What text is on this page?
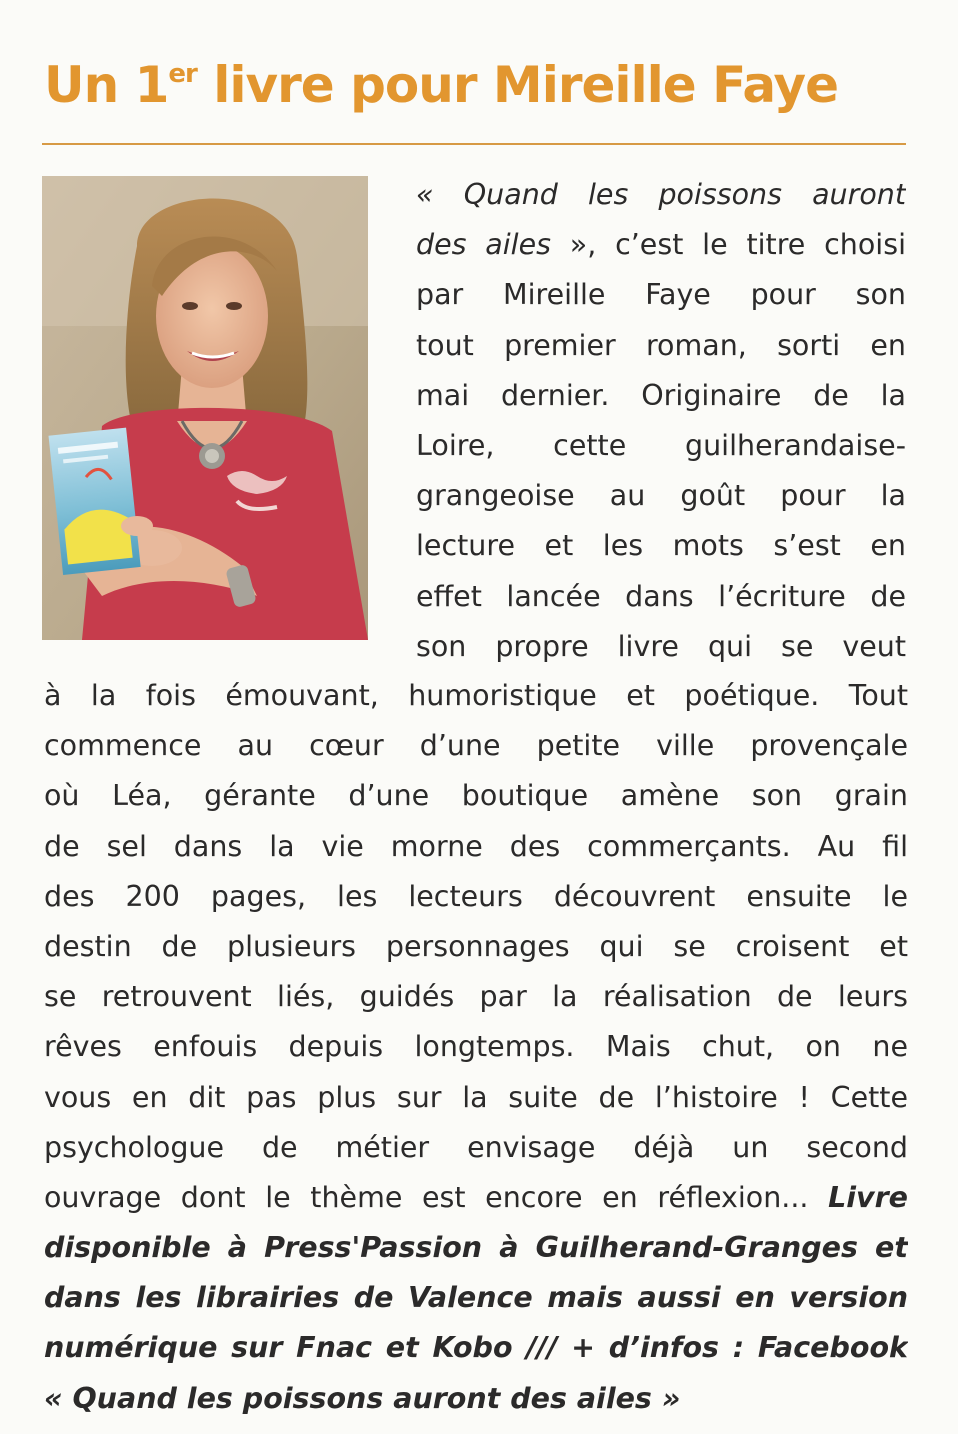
Un 1er livre pour Mireille Faye
« Quand les poissons auront
des ailes », c’est le titre choisi
par Mireille Faye pour son
tout premier roman, sorti en
mai dernier. Originaire de la
Loire, cette guilherandaise-
grangeoise au goût pour la
lecture et les mots s’est en
effet lancée dans l’écriture de
son propre livre qui se veut
à la fois émouvant, humoristique et poétique. Tout
commence au cœur d’une petite ville provençale
où Léa, gérante d’une boutique amène son grain
de sel dans la vie morne des commerçants. Au fil
des 200 pages, les lecteurs découvrent ensuite le
destin de plusieurs personnages qui se croisent et
se retrouvent liés, guidés par la réalisation de leurs
rêves enfouis depuis longtemps. Mais chut, on ne
vous en dit pas plus sur la suite de l’histoire ! Cette
psychologue de métier envisage déjà un second
ouvrage dont le thème est encore en réflexion... Livre
disponible à Press'Passion à Guilherand-Granges et
dans les librairies de Valence mais aussi en version
numérique sur Fnac et Kobo /// + d’infos : Facebook
« Quand les poissons auront des ailes »
